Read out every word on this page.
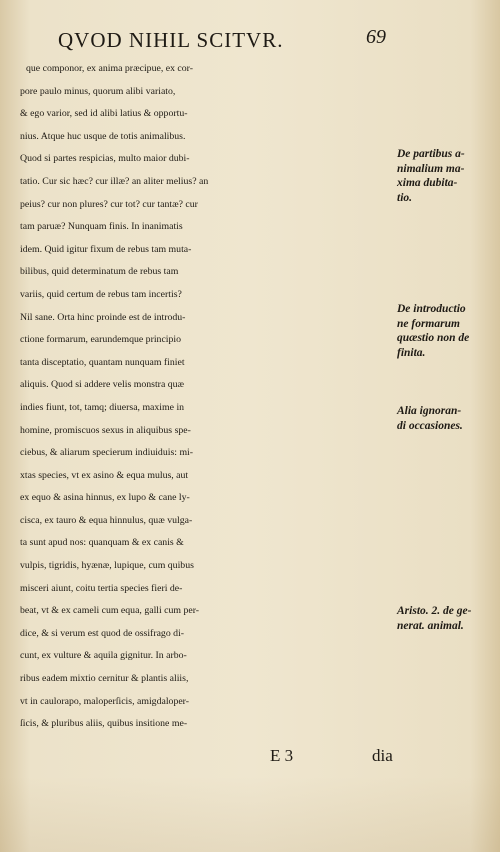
QVOD NIHIL SCITVR.	69
que componor, ex anima præcipue, ex cor-
pore paulo minus, quorum alibi variato,
& ego varior, sed id alibi latius & opportu-
nius. Atque huc usque de totis animalibus.
Quod si partes respicias, multo maior dubi-
tatio. Cur sic hæc? cur illæ? an aliter melius? an
peius? cur non plures? cur tot? cur tantæ? cur
tam paruæ? Nunquam finis. In inanimatis
idem. Quid igitur fixum de rebus tam muta-
bilibus, quid determinatum de rebus tam
variis, quid certum de rebus tam incertis?
Nil sane. Orta hinc proinde est de introdu-
ctione formarum, earundemque principio
tanta disceptatio, quantam nunquam finiet
aliquis. Quod si addere velis monstra quæ
indies fiunt, tot, tamq; diuersa, maxime in
homine, promiscuos sexus in aliquibus spe-
ciebus, & aliarum specierum indiuiduis: mi-
xtas species, vt ex asino & equa mulus, aut
ex equo & asina hinnus, ex lupo & cane ly-
cisca, ex tauro & equa hinnulus, quæ vulga-
ta sunt apud nos: quanquam & ex canis &
vulpis, tigridis, hyænæ, lupique, cum quibus
misceri aiunt, coitu tertia species fieri de-
beat, vt & ex cameli cum equa, galli cum per-
dice, & si verum est quod de ossifrago di-
cunt, ex vulture & aquila gignitur. In arbo-
ribus eadem mixtio cernitur & plantis aliis,
vt in caulorapo, maloperſicis, amigdaloper-
ſicis, & pluribus aliis, quibus insitione me-
De partibus a-
nimalium ma-
xima dubita-
tio.
De introductio
ne formarum
quæstio non de
finita.
Alia ignoran-
di occasiones.
Aristo. 2. de ge-
nerat. animal.
E 3	dia
